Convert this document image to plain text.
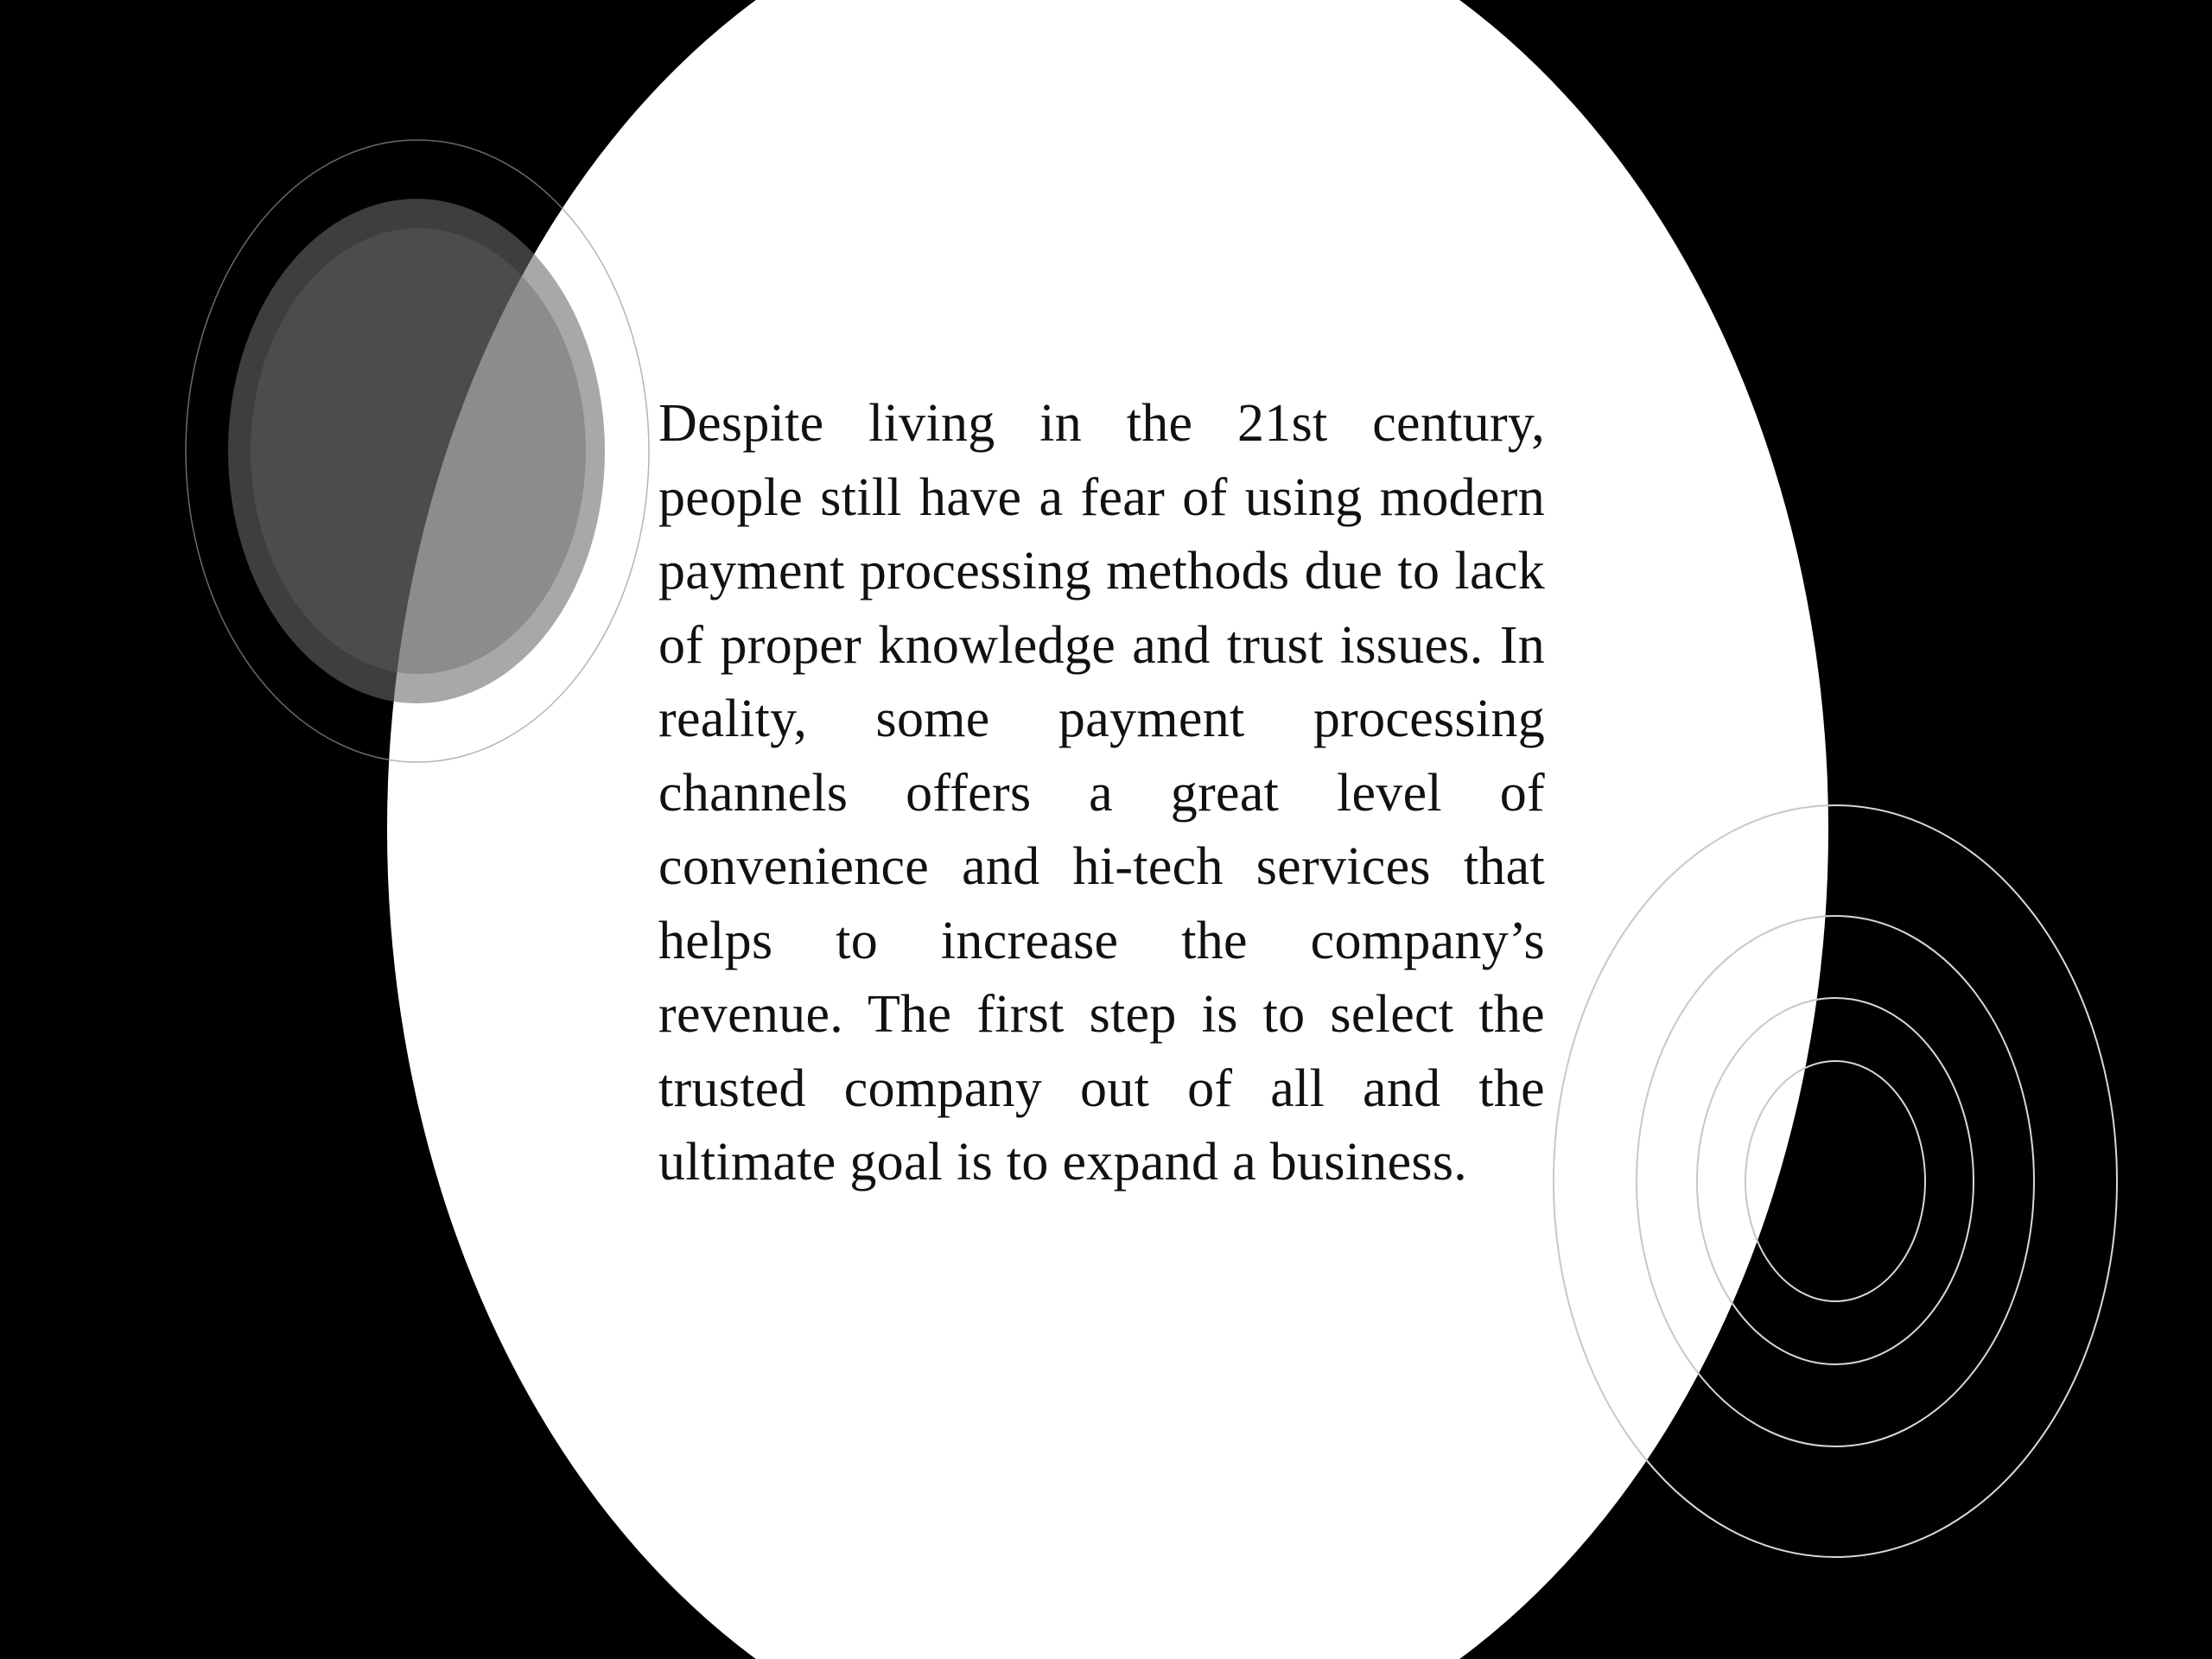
Despite living in the 21st century, people still have a fear of using modern payment processing methods due to lack of proper knowledge and trust issues. In reality, some payment processing channels offers a great level of convenience and hi-tech services that helps to increase the company’s revenue. The first step is to select the trusted company out of all and the ultimate goal is to expand a business.
